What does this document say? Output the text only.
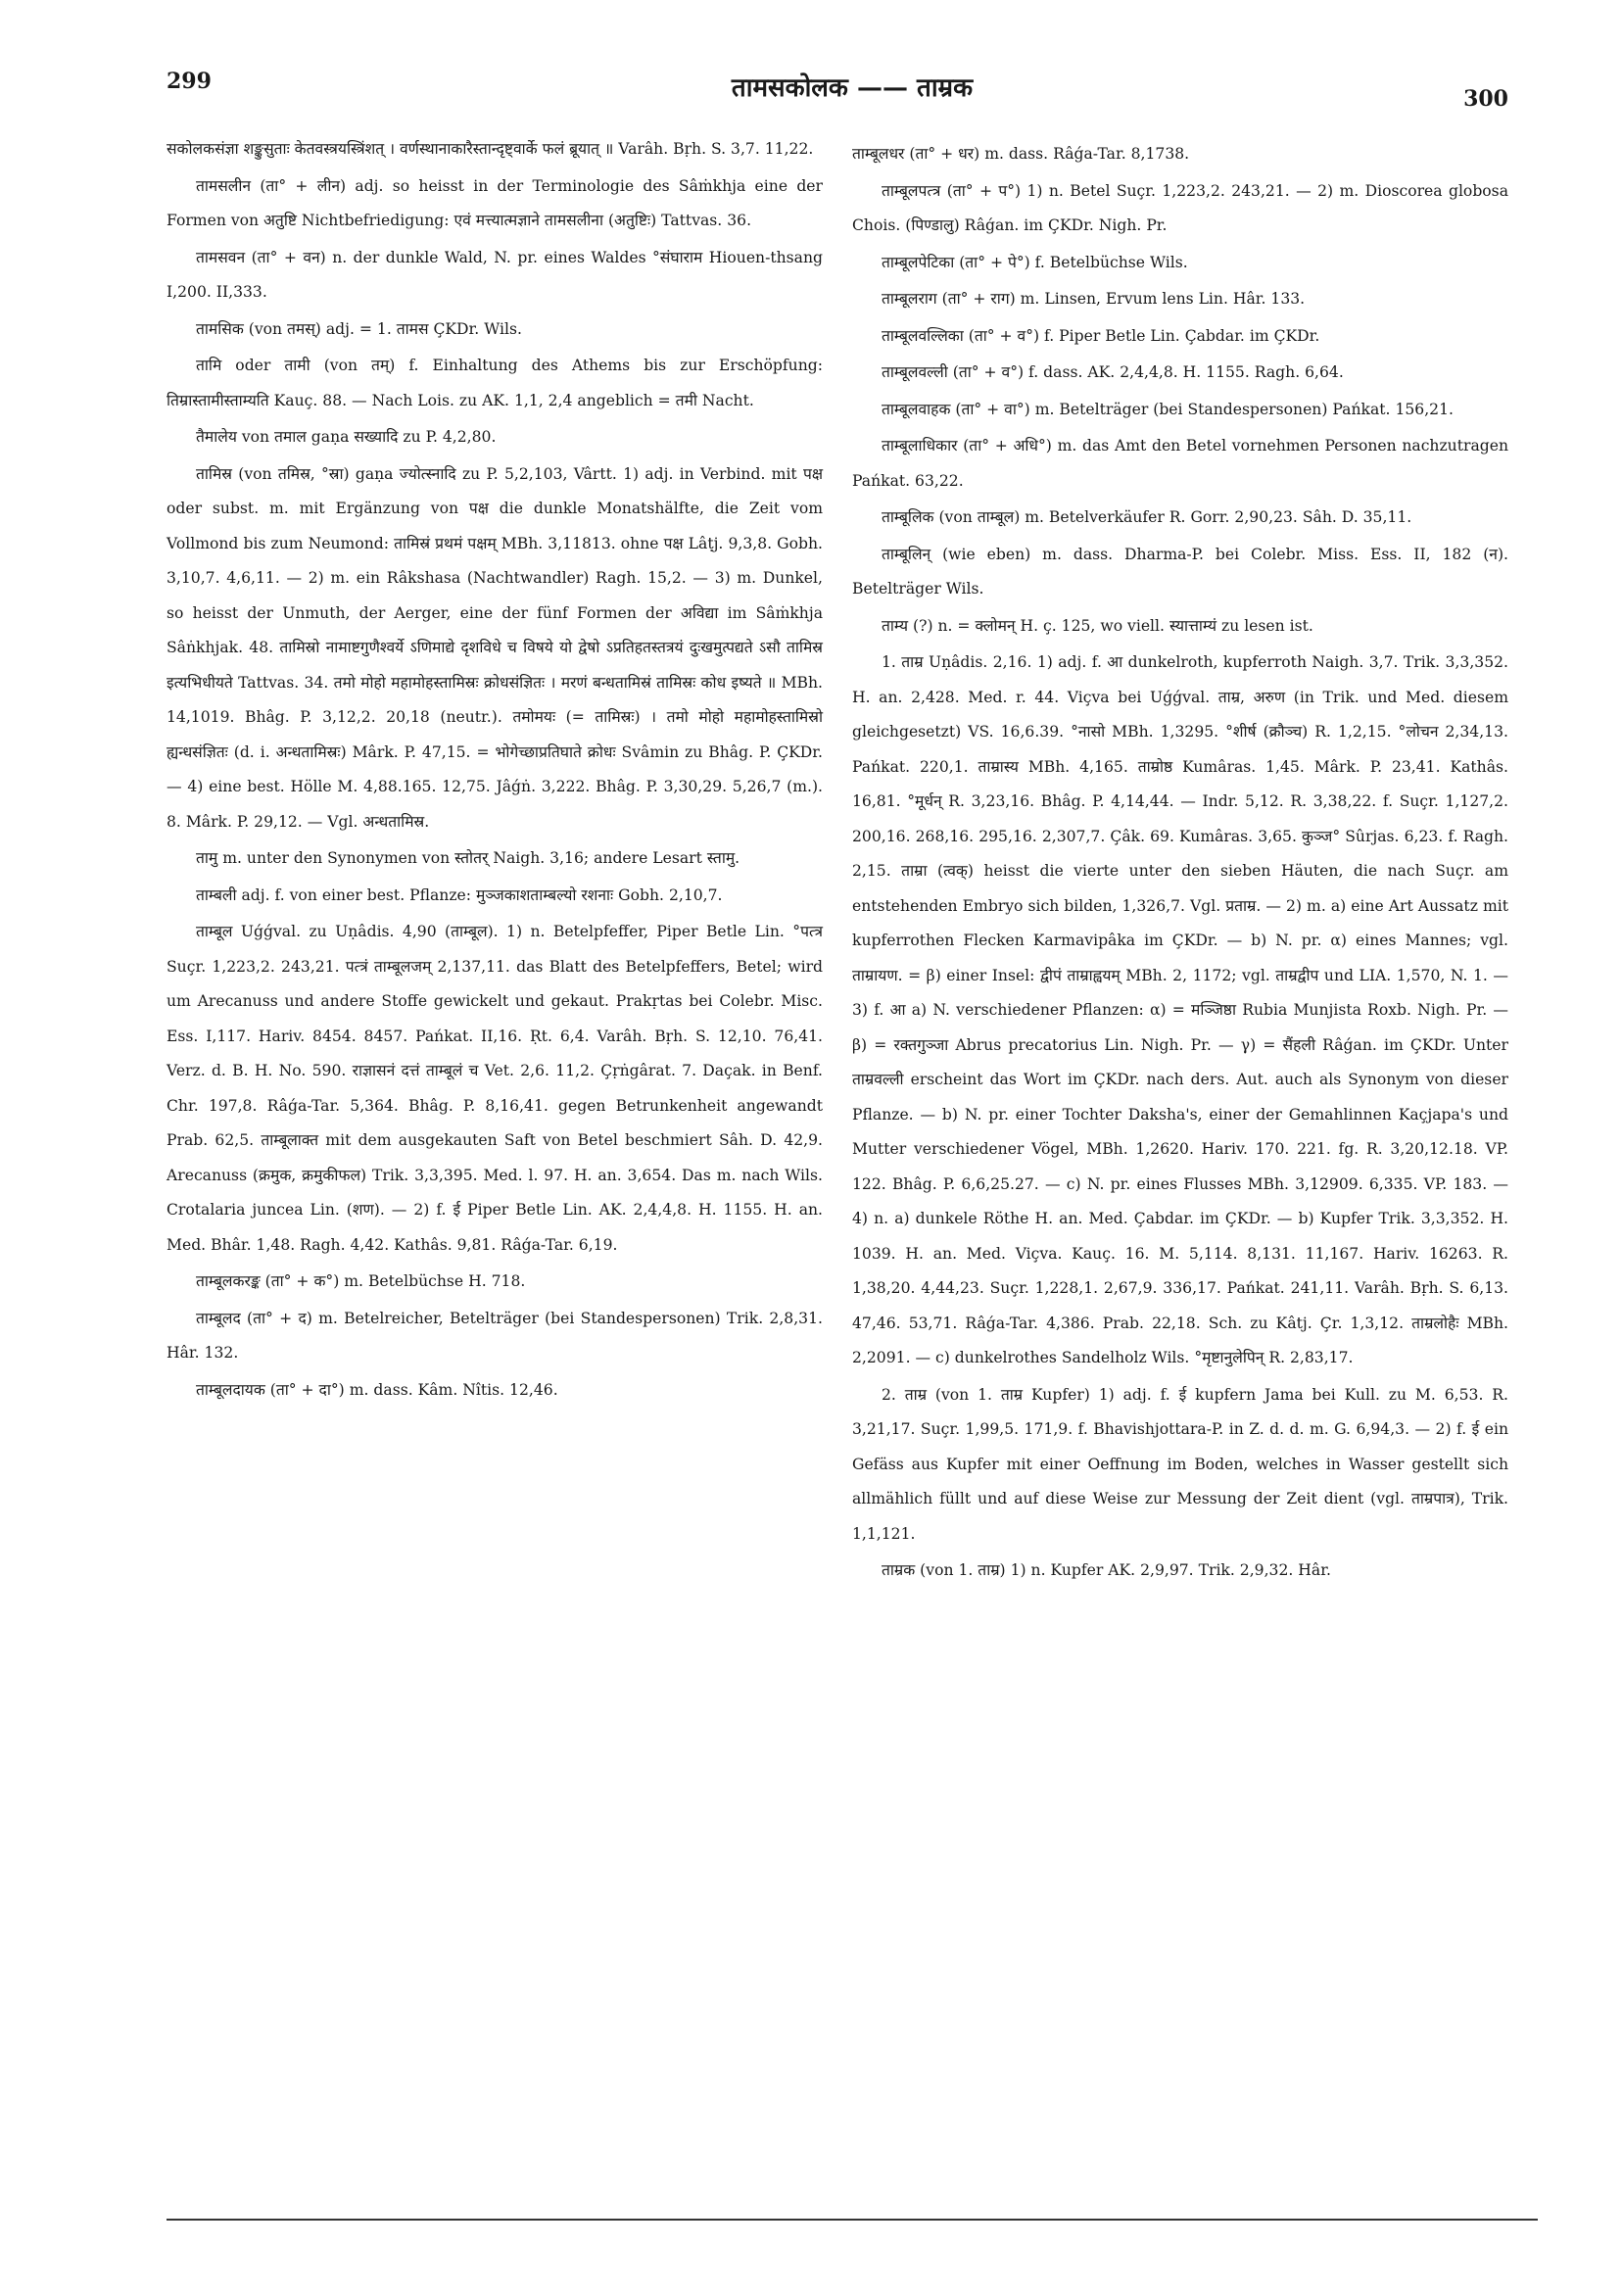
299	तामसकोलक —— ताम्रक	300

सकोलकसंज्ञा शङ्कुसुताः केतवस्त्रयस्त्रिंशत् । वर्णस्थानाकारैस्तान्दृष्ट्वार्के फलं ब्रूयात् ॥ Varâh. Bṛh. S. 3,7. 11,22.

तामसलीन (ता° + लीन) adj. so heisst in der Terminologie des Sâṁkhja eine der Formen von अतुष्टि Nichtbefriedigung: एवं मत्त्यात्मज्ञाने तामसलीना (अतुष्टिः) Tattvas. 36.

तामसवन (ता° + वन) n. der dunkle Wald, N. pr. eines Waldes °संघाराम Hiouen-thsang I,200. II,333.

तामसिक (von तमस्) adj. = 1. तामस ÇKDr. Wils.

तामि oder तामी (von तम्) f. Einhaltung des Athems bis zur Erschöpfung: तिम्रास्तामीस्ताम्यति Kauç. 88. — Nach Lois. zu AK. 1,1, 2,4 angeblich = तमी Nacht.

तैमालेय von तमाल gaṇa सख्यादि zu P. 4,2,80.

तामिस्र (von तमिस्र, °स्रा) gaṇa ज्योत्स्नादि zu P. 5,2,103, Vârtt. 1) adj. in Verbind. mit पक्ष oder subst. m. mit Ergänzung von पक्ष die dunkle Monatshälfte, die Zeit vom Vollmond bis zum Neumond: तामिस्रं प्रथमं पक्षम् MBh. 3,11813. ohne पक्ष Lâṭj. 9,3,8. Gobh. 3,10,7. 4,6,11. — 2) m. ein Râkshasa (Nachtwandler) Ragh. 15,2. — 3) m. Dunkel, so heisst der Unmuth, der Aerger, eine der fünf Formen der अविद्या im Sâṁkhja Sâṅkhjak. 48. तामिस्रो नामाष्टगुणैश्वर्ये ऽणिमाद्ये दृशविधे च विषये यो द्वेषो ऽप्रतिहतस्तत्रयं दुःखमुत्पद्यते ऽसौ तामिस्र इत्यभिधीयते Tattvas. 34. तमो मोहो महामोहस्तामिस्रः क्रोधसंज्ञितः । मरणं बन्धतामिस्रं तामिस्रः कोध इष्यते ॥ MBh. 14,1019. Bhâg. P. 3,12,2. 20,18 (neutr.). तमोमयः (= तामिस्रः) । तमो मोहो महामोहस्तामिस्रो ह्यन्धसंज्ञितः (d. i. अन्धतामिस्रः) Mârk. P. 47,15. = भोगेच्छाप्रतिघाते क्रोधः Svâmin zu Bhâg. P. ÇKDr. — 4) eine best. Hölle M. 4,88.165. 12,75. Jâǵṅ. 3,222. Bhâg. P. 3,30,29. 5,26,7 (m.). 8. Mârk. P. 29,12. — Vgl. अन्धतामिस्र.

तामु m. unter den Synonymen von स्तोतर् Naigh. 3,16; andere Lesart स्तामु.

ताम्बली adj. f. von einer best. Pflanze: मुञ्जकाशताम्बल्यो रशनाः Gobh. 2,10,7.

ताम्बूल Uǵǵval. zu Uṇâdis. 4,90 (ताम्बूल). 1) n. Betelpfeffer, Piper Betle Lin. °पत्त्र Suçr. 1,223,2. 243,21. पत्त्रं ताम्बूलजम् 2,137,11. das Blatt des Betelpfeffers, Betel; wird um Arecanuss und andere Stoffe gewickelt und gekaut. Prakṛtas bei Colebr. Misc. Ess. I,117. Hariv. 8454. 8457. Pańkat. II,16. Ṛt. 6,4. Varâh. Bṛh. S. 12,10. 76,41. Verz. d. B. H. No. 590. राज्ञासनं दत्तं ताम्बूलं च Vet. 2,6. 11,2. Çṛṅgârat. 7. Daçak. in Benf. Chr. 197,8. Râǵa-Tar. 5,364. Bhâg. P. 8,16,41. gegen Betrunkenheit angewandt Prab. 62,5. ताम्बूलाक्त mit dem ausgekauten Saft von Betel beschmiert Sâh. D. 42,9. Arecanuss (क्रमुक, क्रमुकीफल) Trik. 3,3,395. Med. l. 97. H. an. 3,654. Das m. nach Wils. Crotalaria juncea Lin. (शण). — 2) f. ई Piper Betle Lin. AK. 2,4,4,8. H. 1155. H. an. Med. Bhâr. 1,48. Ragh. 4,42. Kathâs. 9,81. Râǵa-Tar. 6,19.

ताम्बूलकरङ्क (ता° + क°) m. Betelbüchse H. 718.

ताम्बूलद (ता° + द) m. Betelreicher, Betelträger (bei Standespersonen) Trik. 2,8,31. Hâr. 132.

ताम्बूलदायक (ता° + दा°) m. dass. Kâm. Nîtis. 12,46.

ताम्बूलधर (ता° + धर) m. dass. Râǵa-Tar. 8,1738.

ताम्बूलपत्त्र (ता° + प°) 1) n. Betel Suçr. 1,223,2. 243,21. — 2) m. Dioscorea globosa Chois. (पिण्डालु) Râǵan. im ÇKDr. Nigh. Pr.

ताम्बूलपेटिका (ता° + पे°) f. Betelbüchse Wils.

ताम्बूलराग (ता° + राग) m. Linsen, Ervum lens Lin. Hâr. 133.

ताम्बूलवल्लिका (ता° + व°) f. Piper Betle Lin. Çabdar. im ÇKDr.

ताम्बूलवल्ली (ता° + व°) f. dass. AK. 2,4,4,8. H. 1155. Ragh. 6,64.

ताम्बूलवाहक (ता° + वा°) m. Betelträger (bei Standespersonen) Pańkat. 156,21.

ताम्बूलाधिकार (ता° + अधि°) m. das Amt den Betel vornehmen Personen nachzutragen Pańkat. 63,22.

ताम्बूलिक (von ताम्बूल) m. Betelverkäufer R. Gorr. 2,90,23. Sâh. D. 35,11.

ताम्बूलिन् (wie eben) m. dass. Dharma-P. bei Colebr. Miss. Ess. II, 182 (न). Betelträger Wils.

ताम्य (?) n. = क्लोमन् H. ç. 125, wo viell. स्यात्ताम्यं zu lesen ist.

1. ताम्र Uṇâdis. 2,16. 1) adj. f. आ dunkelroth, kupferroth Naigh. 3,7. Trik. 3,3,352. H. an. 2,428. Med. r. 44. Viçva bei Uǵǵval. ताम्र, अरुण (in Trik. und Med. diesem gleichgesetzt) VS. 16,6.39. °नासो MBh. 1,3295. °शीर्ष (क्रौञ्च) R. 1,2,15. °लोचन 2,34,13. Pańkat. 220,1. ताम्रास्य MBh. 4,165. ताम्रोष्ठ Kumâras. 1,45. Mârk. P. 23,41. Kathâs. 16,81. °मूर्धन् R. 3,23,16. Bhâg. P. 4,14,44. — Indr. 5,12. R. 3,38,22. f. Suçr. 1,127,2. 200,16. 268,16. 295,16. 2,307,7. Çâk. 69. Kumâras. 3,65. कुञ्ज° Sûrjas. 6,23. f. Ragh. 2,15. ताम्रा (त्वक्) heisst die vierte unter den sieben Häuten, die nach Suçr. am entstehenden Embryo sich bilden, 1,326,7. Vgl. प्रताम्र. — 2) m. a) eine Art Aussatz mit kupferrothen Flecken Karmavipâka im ÇKDr. — b) N. pr. α) eines Mannes; vgl. ताम्रायण. = β) einer Insel: द्वीपं ताम्राह्वयम् MBh. 2, 1172; vgl. ताम्रद्वीप und LIA. 1,570, N. 1. — 3) f. आ a) N. verschiedener Pflanzen: α) = मञ्जिष्ठा Rubia Munjista Roxb. Nigh. Pr. — β) = रक्तगुञ्जा Abrus precatorius Lin. Nigh. Pr. — γ) = सैंहली Râǵan. im ÇKDr. Unter ताम्रवल्ली erscheint das Wort im ÇKDr. nach ders. Aut. auch als Synonym von dieser Pflanze. — b) N. pr. einer Tochter Daksha's, einer der Gemahlinnen Kaçjapa's und Mutter verschiedener Vögel, MBh. 1,2620. Hariv. 170. 221. fg. R. 3,20,12.18. VP. 122. Bhâg. P. 6,6,25.27. — c) N. pr. eines Flusses MBh. 3,12909. 6,335. VP. 183. — 4) n. a) dunkele Röthe H. an. Med. Çabdar. im ÇKDr. — b) Kupfer Trik. 3,3,352. H. 1039. H. an. Med. Viçva. Kauç. 16. M. 5,114. 8,131. 11,167. Hariv. 16263. R. 1,38,20. 4,44,23. Suçr. 1,228,1. 2,67,9. 336,17. Pańkat. 241,11. Varâh. Bṛh. S. 6,13. 47,46. 53,71. Râǵa-Tar. 4,386. Prab. 22,18. Sch. zu Kâtj. Çr. 1,3,12. ताम्रलोहैः MBh. 2,2091. — c) dunkelrothes Sandelholz Wils. °मृष्टानुलेपिन् R. 2,83,17.

2. ताम्र (von 1. ताम्र Kupfer) 1) adj. f. ई kupfern Jama bei Kull. zu M. 6,53. R. 3,21,17. Suçr. 1,99,5. 171,9. f. Bhavishjottara-P. in Z. d. d. m. G. 6,94,3. — 2) f. ई ein Gefäss aus Kupfer mit einer Oeffnung im Boden, welches in Wasser gestellt sich allmählich füllt und auf diese Weise zur Messung der Zeit dient (vgl. ताम्रपात्र), Trik. 1,1,121.

ताम्रक (von 1. ताम्र) 1) n. Kupfer AK. 2,9,97. Trik. 2,9,32. Hâr.
